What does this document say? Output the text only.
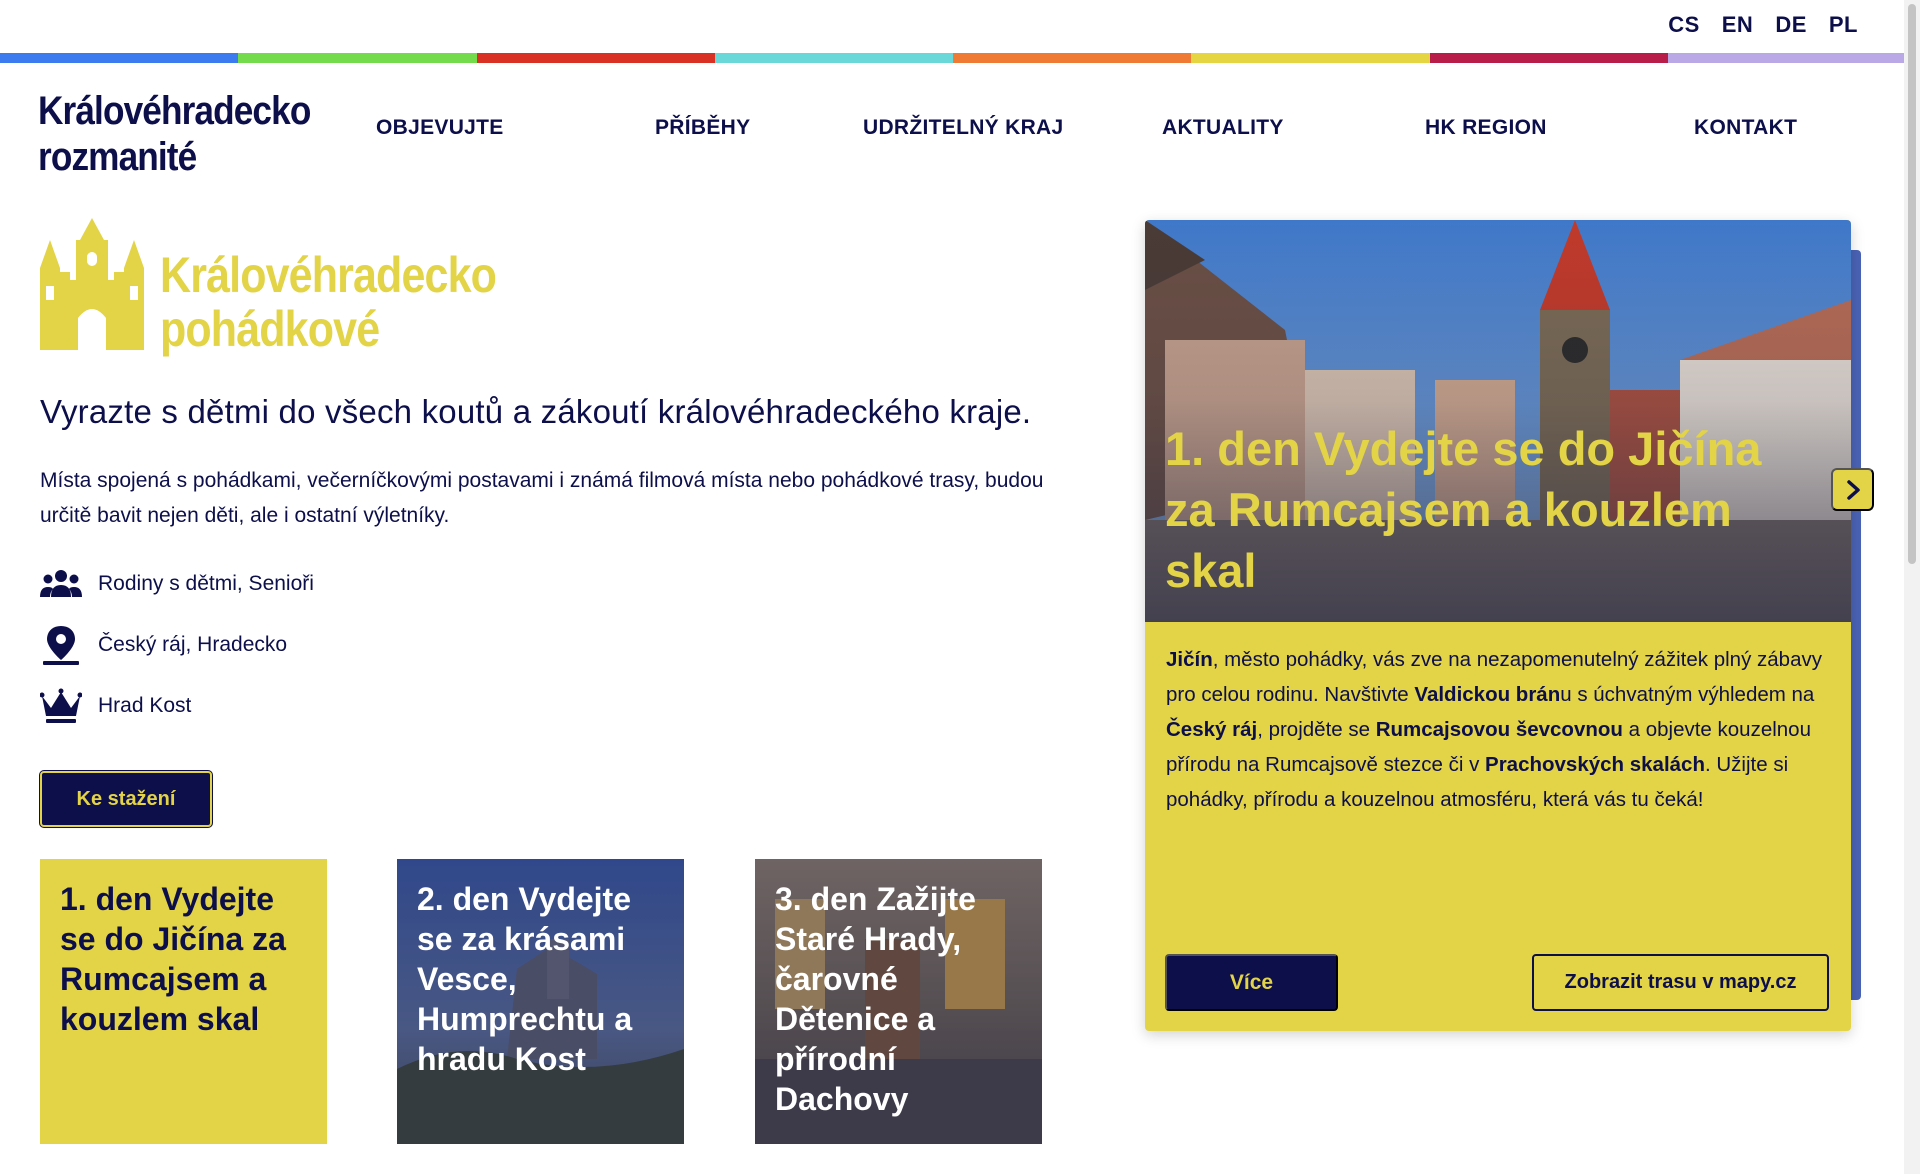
CS EN DE PL
Královéhradecko
rozmanité
OBJEVUJTE	PŘÍBĚHY	UDRŽITELNÝ KRAJ	AKTUALITY	HK REGION	KONTAKT
Královéhradecko
pohádkové
Vyrazte s dětmi do všech koutů a zákoutí královéhradeckého kraje.

Místa spojená s pohádkami, večerníčkovými postavami i známá filmová místa nebo pohádkové trasy, budou určitě bavit nejen děti, ale i ostatní výletníky.

Rodiny s dětmi, Senioři
Český ráj, Hradecko
Hrad Kost
Ke stažení
1. den Vydejte se do Jičína za Rumcajsem a kouzlem skal
2. den Vydejte se za krásami Vesce, Humprechtu a hradu Kost
3. den Zažijte Staré Hrady, čarovné Dětenice a přírodní Dachovy
1. den Vydejte se do Jičína za Rumcajsem a kouzlem skal

Jičín, město pohádky, vás zve na nezapomenutelný zážitek plný zábavy pro celou rodinu. Navštivte Valdickou bránu s úchvatným výhledem na Český ráj, projděte se Rumcajsovou ševcovnou a objevte kouzelnou přírodu na Rumcajsově stezce či v Prachovských skalách. Užijte si pohádky, přírodu a kouzelnou atmosféru, která vás tu čeká!

Více	Zobrazit trasu v mapy.cz
